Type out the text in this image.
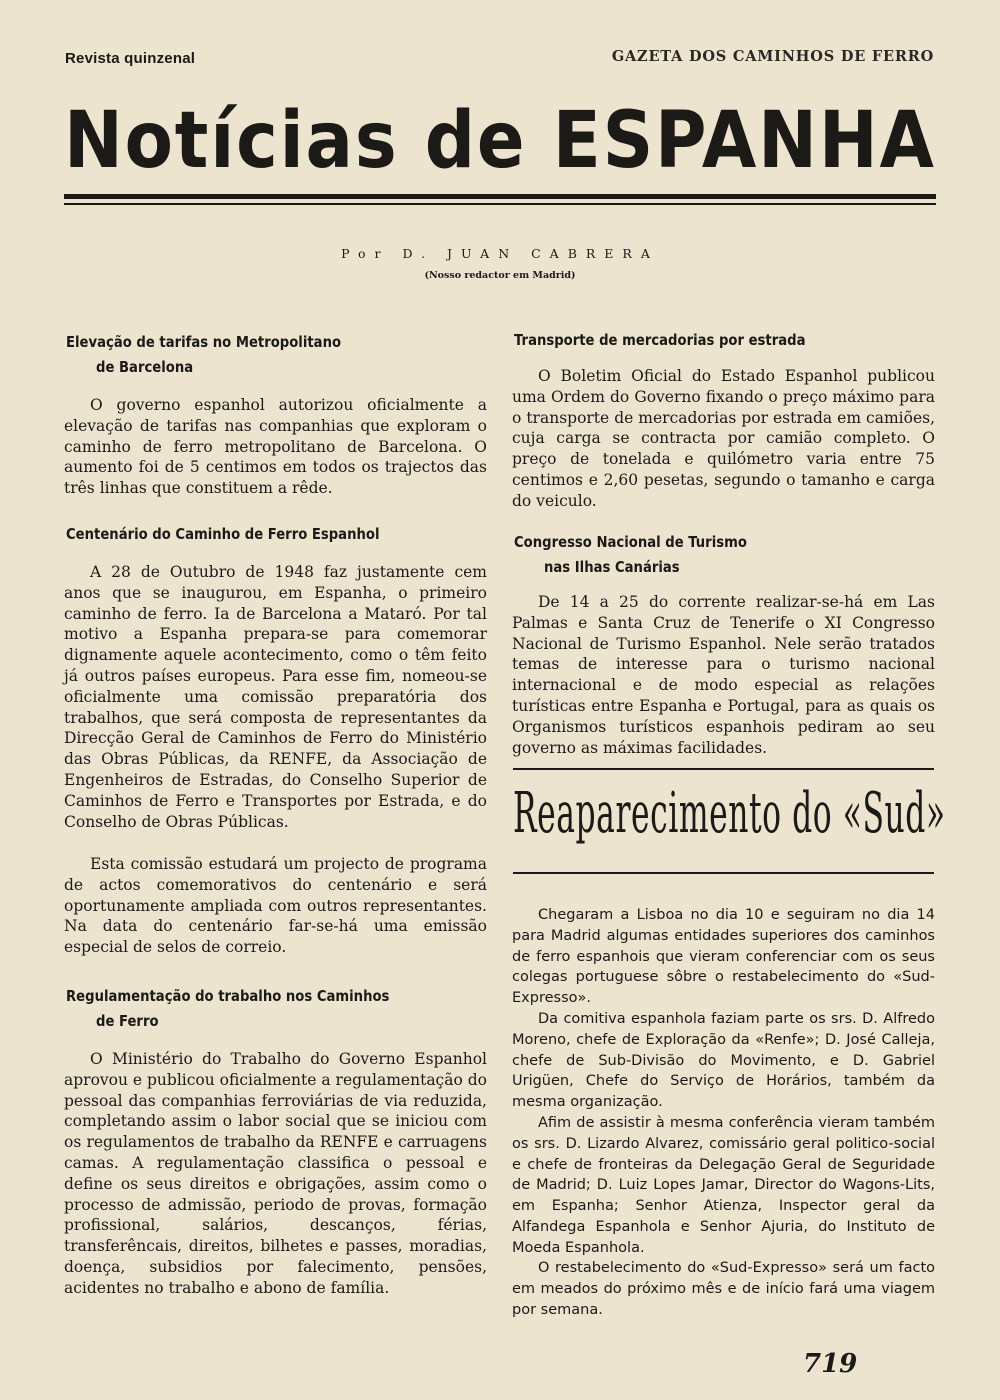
Revista quinzenal	GAZETA DOS CAMINHOS DE FERRO
Notícias de ESPANHA
Por D. JUAN CABRERA
(Nosso redactor em Madrid)
Elevação de tarifas no Metropolitano
de Barcelona

O governo espanhol autorizou oficialmente a elevação de tarifas nas companhias que exploram o caminho de ferro metropolitano de Barcelona. O aumento foi de 5 centimos em todos os trajectos das três linhas que constituem a rêde.

Centenário do Caminho de Ferro Espanhol

A 28 de Outubro de 1948 faz justamente cem anos que se inaugurou, em Espanha, o primeiro caminho de ferro. Ia de Barcelona a Mataró. Por tal motivo a Espanha prepara-se para comemorar dignamente aquele acontecimento, como o têm feito já outros países europeus. Para esse fim, nomeou-se oficialmente uma comissão preparatória dos trabalhos, que será composta de representantes da Direcção Geral de Caminhos de Ferro do Ministério das Obras Públicas, da RENFE, da Associação de Engenheiros de Estradas, do Conselho Superior de Caminhos de Ferro e Transportes por Estrada, e do Conselho de Obras Públicas.

Esta comissão estudará um projecto de programa de actos comemorativos do centenário e será oportunamente ampliada com outros representantes. Na data do centenário far-se-há uma emissão especial de selos de correio.

Regulamentação do trabalho nos Caminhos
de Ferro

O Ministério do Trabalho do Governo Espanhol aprovou e publicou oficialmente a regulamentação do pessoal das companhias ferroviárias de via reduzida, completando assim o labor social que se iniciou com os regulamentos de trabalho da RENFE e carruagens camas. A regulamentação classifica o pessoal e define os seus direitos e obrigações, assim como o processo de admissão, periodo de provas, formação profissional, salários, descanços, férias, transferêncais, direitos, bilhetes e passes, moradias, doença, subsidios por falecimento, pensões, acidentes no trabalho e abono de família.

Transporte de mercadorias por estrada

O Boletim Oficial do Estado Espanhol publicou uma Ordem do Governo fixando o preço máximo para o transporte de mercadorias por estrada em camiões, cuja carga se contracta por camião completo. O preço de tonelada e quilómetro varia entre 75 centimos e 2,60 pesetas, segundo o tamanho e carga do veiculo.

Congresso Nacional de Turismo
nas Ilhas Canárias

De 14 a 25 do corrente realizar-se-há em Las Palmas e Santa Cruz de Tenerife o XI Congresso Nacional de Turismo Espanhol. Nele serão tratados temas de interesse para o turismo nacional internacional e de modo especial as relações turísticas entre Espanha e Portugal, para as quais os Organismos turísticos espanhois pediram ao seu governo as máximas facilidades.

Reaparecimento do «Sud»

Chegaram a Lisboa no dia 10 e seguiram no dia 14 para Madrid algumas entidades superiores dos caminhos de ferro espanhois que vieram conferenciar com os seus colegas portuguese sôbre o restabelecimento do «Sud-Expresso».

Da comitiva espanhola faziam parte os srs. D. Alfredo Moreno, chefe de Exploração da «Renfe»; D. José Calleja, chefe de Sub-Divisão do Movimento, e D. Gabriel Urigüen, Chefe do Serviço de Horários, também da mesma organização.

Afim de assistir à mesma conferência vieram também os srs. D. Lizardo Alvarez, comissário geral politico-social e chefe de fronteiras da Delegação Geral de Seguridade de Madrid; D. Luiz Lopes Jamar, Director do Wagons-Lits, em Espanha; Senhor Atienza, Inspector geral da Alfandega Espanhola e Senhor Ajuria, do Instituto de Moeda Espanhola.

O restabelecimento do «Sud-Expresso» será um facto em meados do próximo mês e de início fará uma viagem por semana.

719
